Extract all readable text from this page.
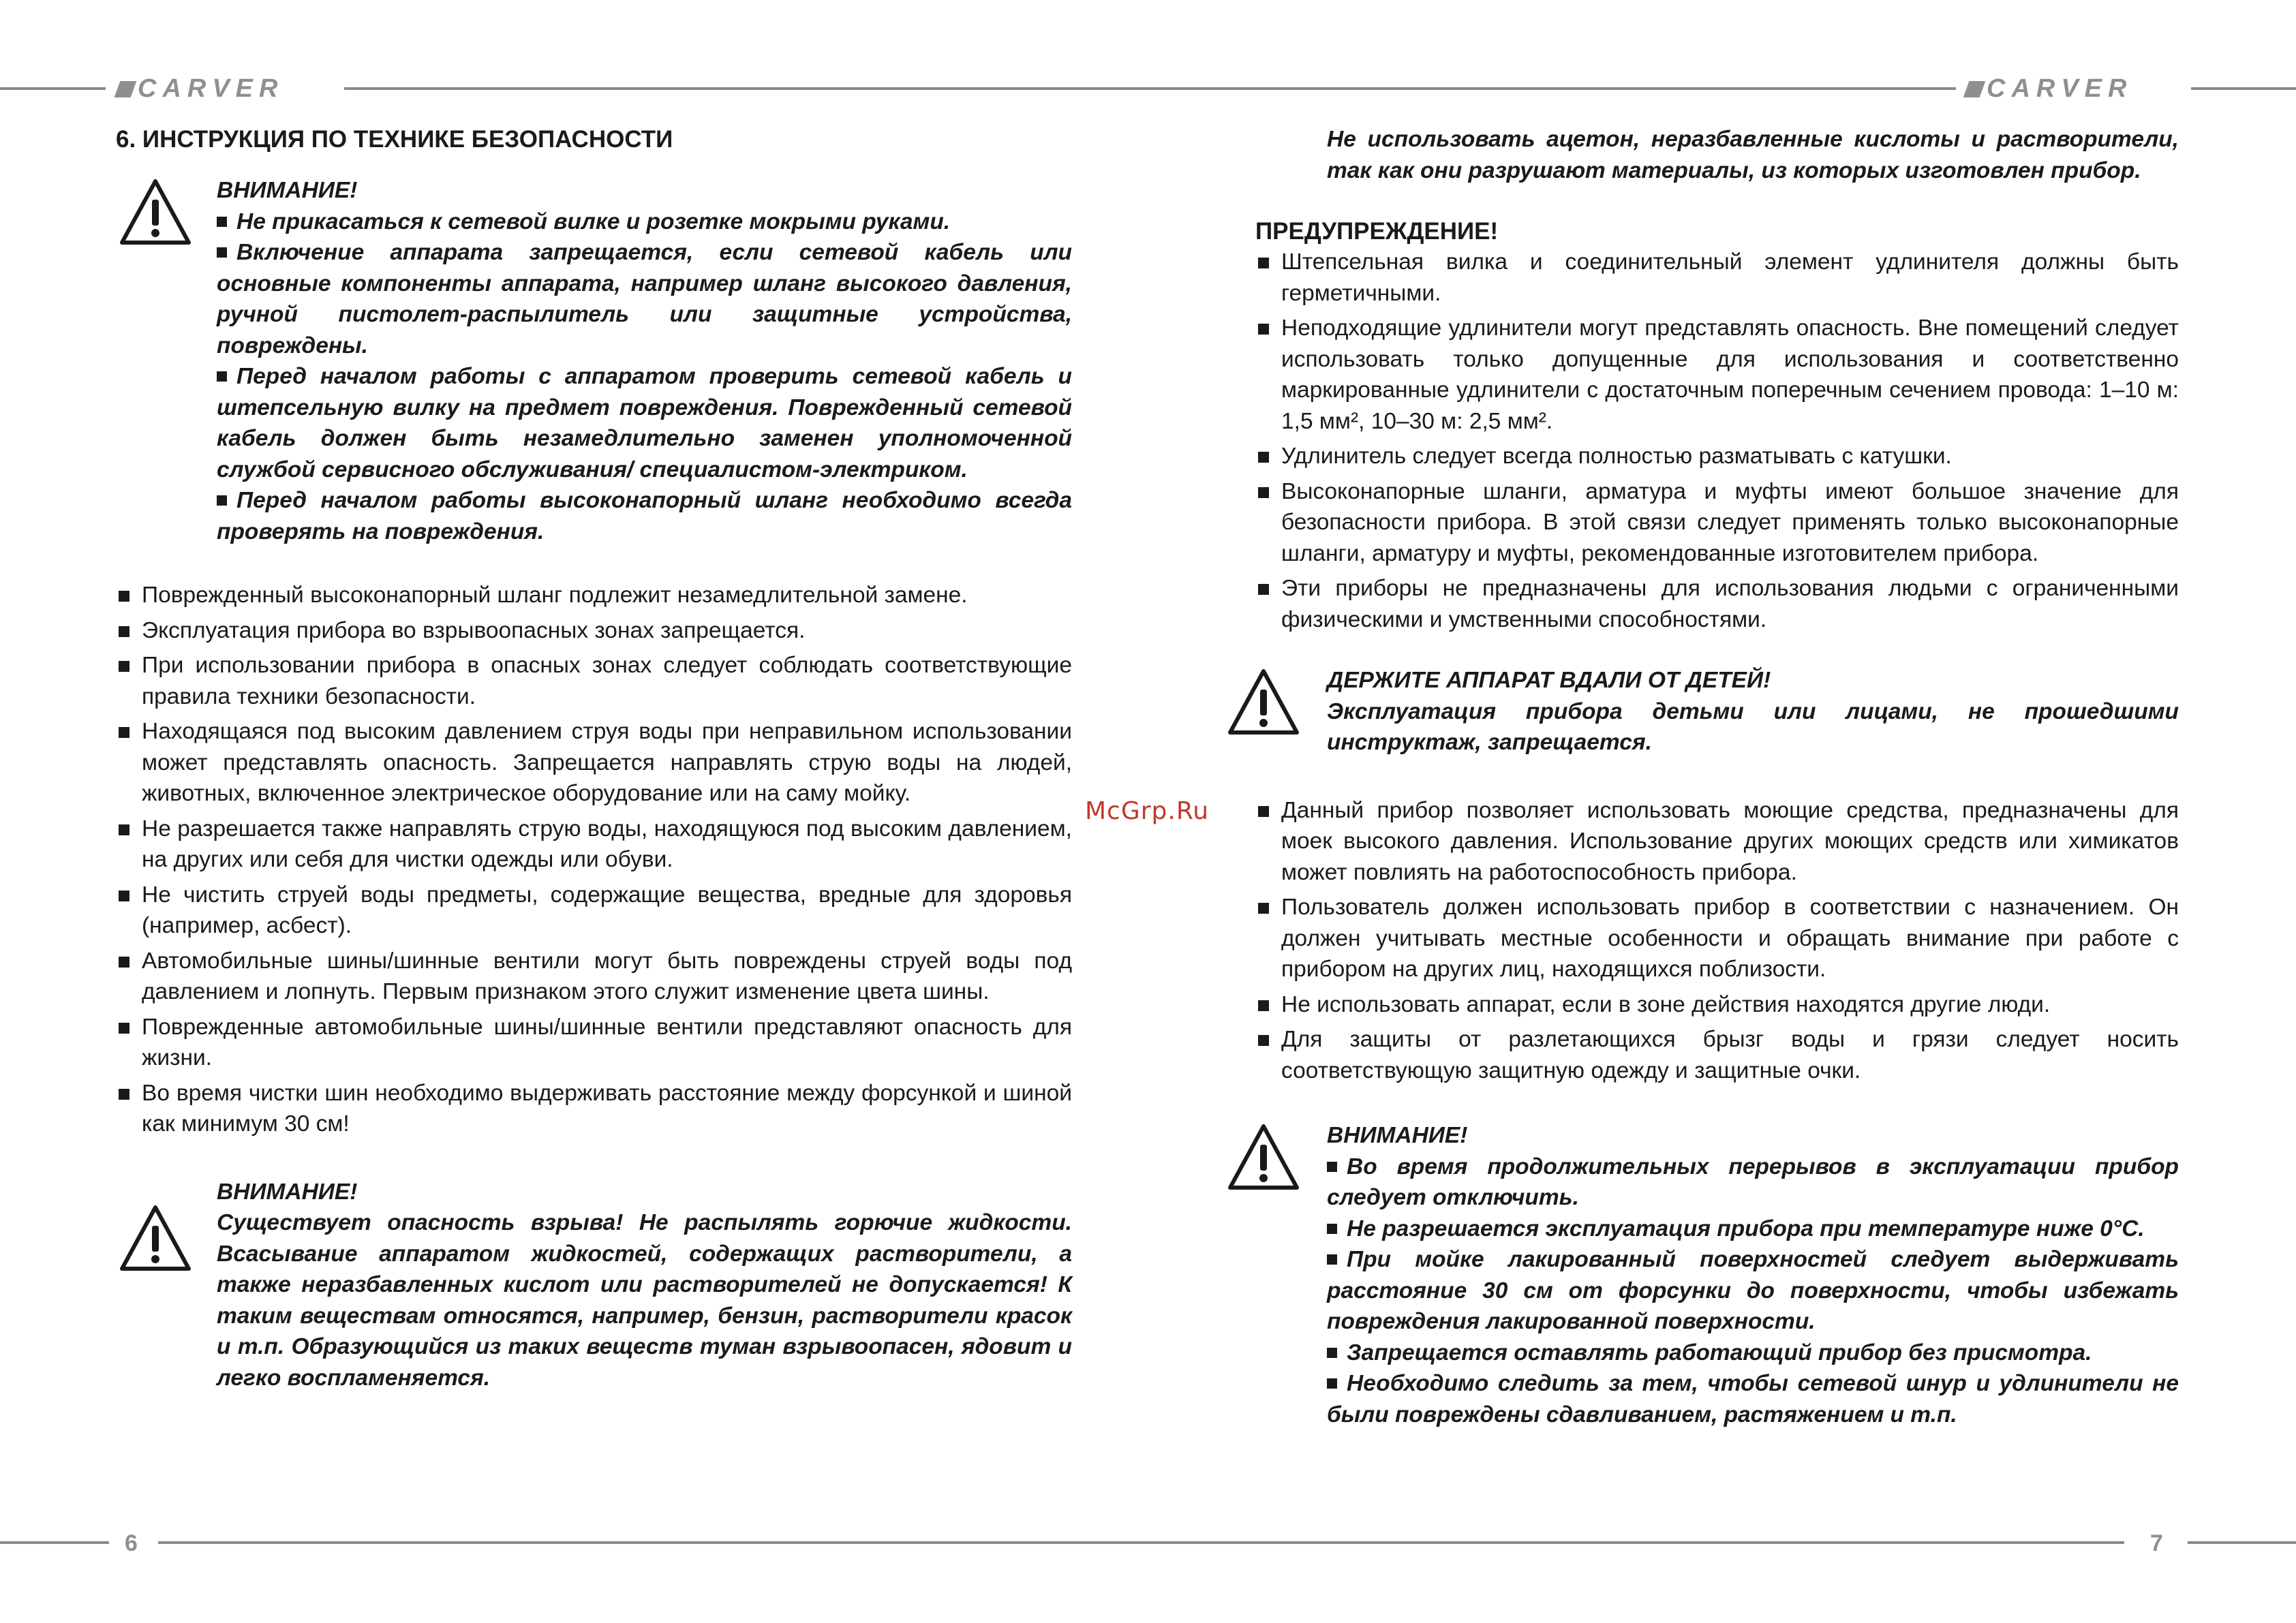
CARVER	CARVER
6	7
McGrp.Ru

6. ИНСТРУКЦИЯ ПО ТЕХНИКЕ БЕЗОПАСНОСТИ

ВНИМАНИЕ!

Не прикасаться к сетевой вилке и розетке мокрыми руками.

Включение аппарата запрещается, если сетевой кабель или основные компоненты аппарата, например шланг высокого давления, ручной пистолет-распылитель или защитные устройства, повреждены.

Перед началом работы с аппаратом проверить сетевой кабель и штепсельную вилку на предмет повреждения. Поврежденный сетевой кабель должен быть незамедлительно заменен уполномоченной службой сервисного обслуживания/ специалистом-электриком.

Перед началом работы высоконапорный шланг необходимо всегда проверять на повреждения.

Поврежденный высоконапорный шланг подлежит незамедлительной замене.
Эксплуатация прибора во взрывоопасных зонах запрещается.
При использовании прибора в опасных зонах следует соблюдать соответствующие правила техники безопасности.
Находящаяся под высоким давлением струя воды при неправильном использовании может представлять опасность. Запрещается направлять струю воды на людей, животных, включенное электрическое оборудование или на саму мойку.
Не разрешается также направлять струю воды, находящуюся под высоким давлением, на других или себя для чистки одежды или обуви.
Не чистить струей воды предметы, содержащие вещества, вредные для здоровья (например, асбест).
Автомобильные шины/шинные вентили могут быть повреждены струей воды под давлением и лопнуть. Первым признаком этого служит изменение цвета шины.
Поврежденные автомобильные шины/шинные вентили представляют опасность для жизни.
Во время чистки шин необходимо выдерживать расстояние между форсункой и шиной как минимум 30 см!

ВНИМАНИЕ!

Существует опасность взрыва! Не распылять горючие жидкости. Всасывание аппаратом жидкостей, содержащих растворители, а также неразбавленных кислот или растворителей не допускается! К таким веществам относятся, например, бензин, растворители красок и т.п. Образующийся из таких веществ туман взрывоопасен, ядовит и легко воспламеняется.

Не использовать ацетон, неразбавленные кислоты и растворители, так как они разрушают материалы, из которых изготовлен прибор.

ПРЕДУПРЕЖДЕНИЕ!

Штепсельная вилка и соединительный элемент удлинителя должны быть герметичными.
Неподходящие удлинители могут представлять опасность. Вне помещений следует использовать только допущенные для использования и соответственно маркированные удлинители с достаточным поперечным сечением провода: 1–10 м: 1,5 мм², 10–30 м: 2,5 мм².
Удлинитель следует всегда полностью разматывать с катушки.
Высоконапорные шланги, арматура и муфты имеют большое значение для безопасности прибора. В этой связи следует применять только высоконапорные шланги, арматуру и муфты, рекомендованные изготовителем прибора.
Эти приборы не предназначены для использования людьми с ограниченными физическими и умственными способностями.

ДЕРЖИТЕ АППАРАТ ВДАЛИ ОТ ДЕТЕЙ!

Эксплуатация прибора детьми или лицами, не прошедшими инструктаж, запрещается.

Данный прибор позволяет использовать моющие средства, предназначены для моек высокого давления. Использование других моющих средств или химикатов может повлиять на работоспособность прибора.
Пользователь должен использовать прибор в соответствии с назначением. Он должен учитывать местные особенности и обращать внимание при работе с прибором на других лиц, находящихся поблизости.
Не использовать аппарат, если в зоне действия находятся другие люди.
Для защиты от разлетающихся брызг воды и грязи следует носить соответствующую защитную одежду и защитные очки.

ВНИМАНИЕ!

Во время продолжительных перерывов в эксплуатации прибор следует отключить.

Не разрешается эксплуатация прибора при температуре ниже 0°С.

При мойке лакированный поверхностей следует выдерживать расстояние 30 см от форсунки до поверхности, чтобы избежать повреждения лакированной поверхности.

Запрещается оставлять работающий прибор без присмотра.

Необходимо следить за тем, чтобы сетевой шнур и удлинители не были повреждены сдавливанием, растяжением и т.п.
